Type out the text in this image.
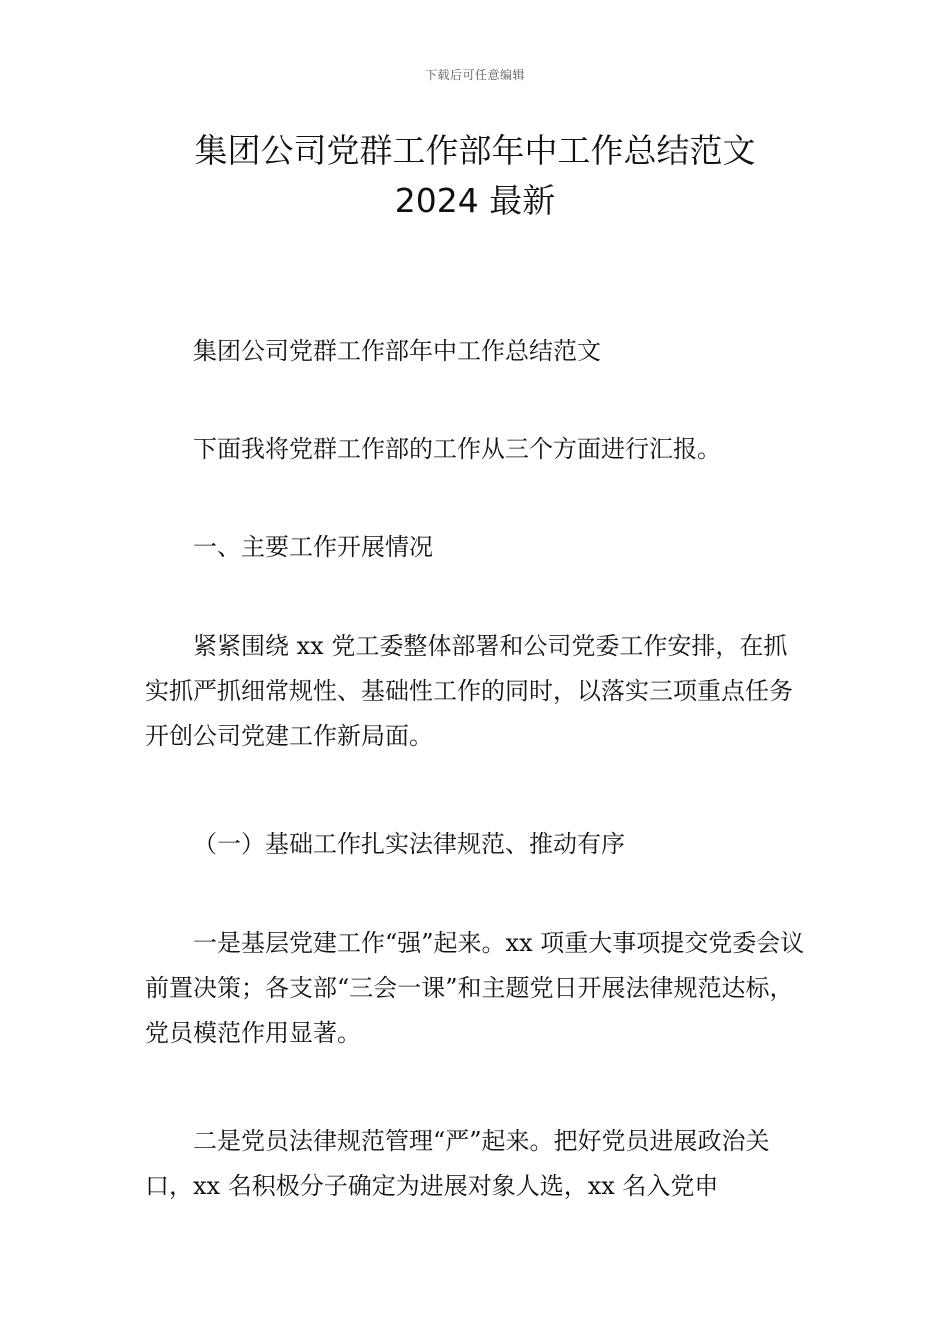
下载后可任意编辑
集团公司党群工作部年中工作总结范文
2024 最新

集团公司党群工作部年中工作总结范文

下面我将党群工作部的工作从三个方面进行汇报。

一、主要工作开展情况

紧紧围绕 xx 党工委整体部署和公司党委工作安排，在抓实抓严抓细常规性、基础性工作的同时，以落实三项重点任务开创公司党建工作新局面。

（一）基础工作扎实法律规范、推动有序

一是基层党建工作“强”起来。xx 项重大事项提交党委会议前置决策；各支部“三会一课”和主题党日开展法律规范达标，党员模范作用显著。

二是党员法律规范管理“严”起来。把好党员进展政治关口，xx 名积极分子确定为进展对象人选，xx 名入党申
